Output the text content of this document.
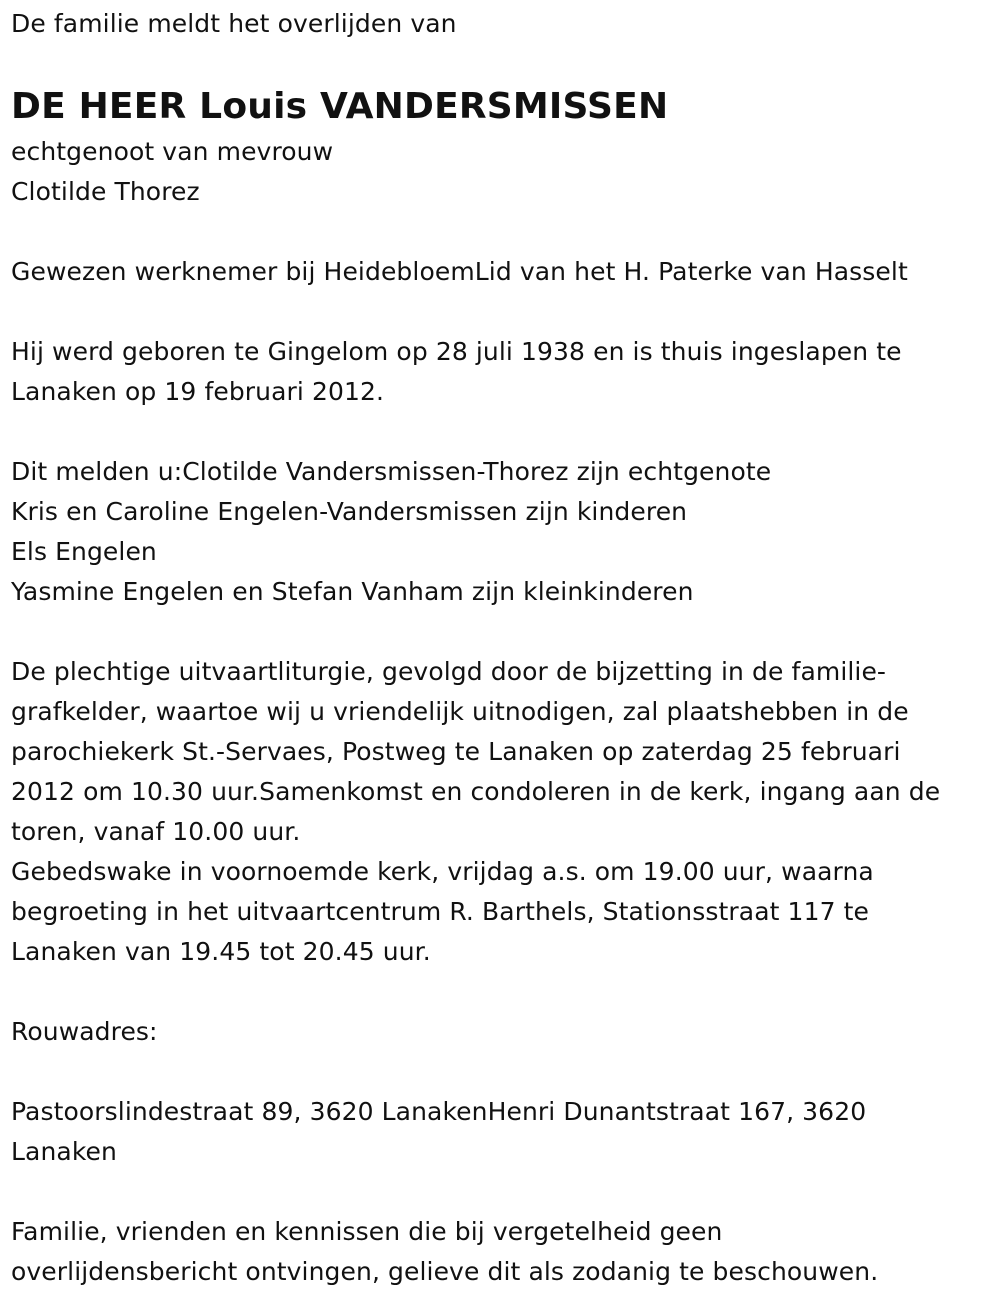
De familie meldt het overlijden van
DE HEER Louis VANDERSMISSEN
echtgenoot van mevrouw
Clotilde Thorez
Gewezen werknemer bij HeidebloemLid van het H. Paterke van Hasselt
Hij werd geboren te Gingelom op 28 juli 1938 en is thuis ingeslapen te
Lanaken op 19 februari 2012.
Dit melden u:Clotilde Vandersmissen-Thorez zijn echtgenote
Kris en Caroline Engelen-Vandersmissen zijn kinderen
Els Engelen
Yasmine Engelen en Stefan Vanham zijn kleinkinderen
De plechtige uitvaartliturgie, gevolgd door de bijzetting in de familie-
grafkelder, waartoe wij u vriendelijk uitnodigen, zal plaatshebben in de
parochiekerk St.-Servaes, Postweg te Lanaken op zaterdag 25 februari
2012 om 10.30 uur.Samenkomst en condoleren in de kerk, ingang aan de
toren, vanaf 10.00 uur.
Gebedswake in voornoemde kerk, vrijdag a.s. om 19.00 uur, waarna
begroeting in het uitvaartcentrum R. Barthels, Stationsstraat 117 te
Lanaken van 19.45 tot 20.45 uur.
Rouwadres:
Pastoorslindestraat 89, 3620 LanakenHenri Dunantstraat 167, 3620
Lanaken
Familie, vrienden en kennissen die bij vergetelheid geen
overlijdensbericht ontvingen, gelieve dit als zodanig te beschouwen.
